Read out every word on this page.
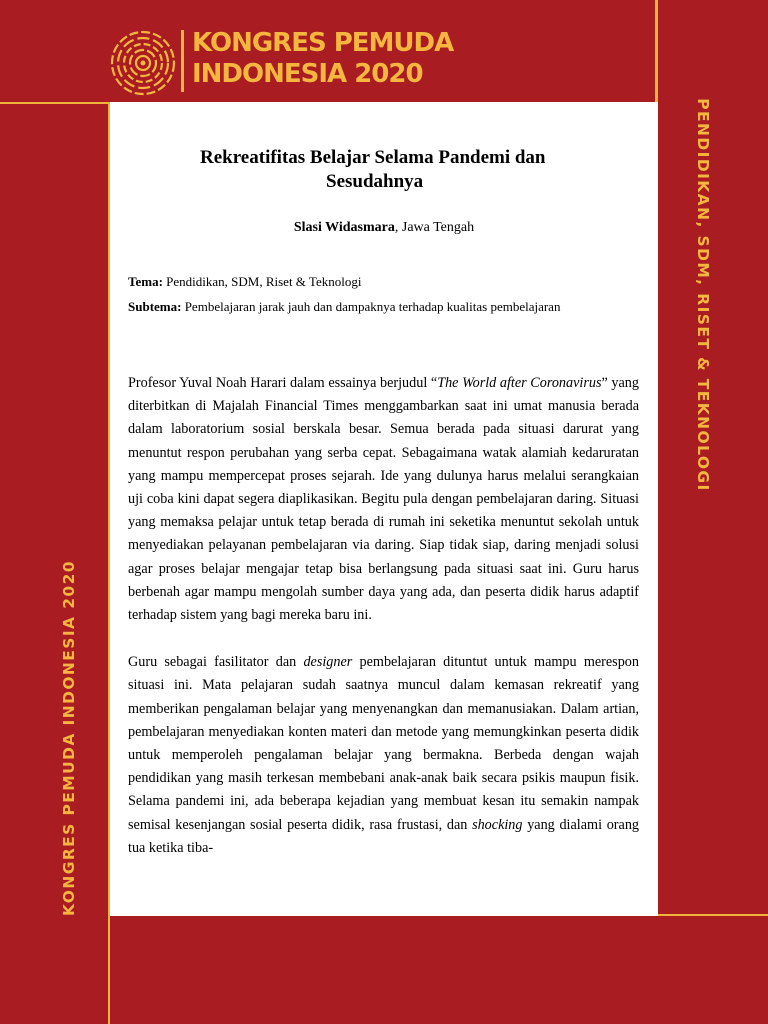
KONGRES PEMUDA
INDONESIA 2020
PENDIDIKAN, SDM, RISET & TEKNOLOGI
KONGRES PEMUDA INDONESIA 2020
Rekreatifitas Belajar Selama Pandemi dan
Sesudahnya
Slasi Widasmara, Jawa Tengah
Tema: Pendidikan, SDM, Riset & Teknologi
Subtema: Pembelajaran jarak jauh dan dampaknya terhadap kualitas pembelajaran

Profesor Yuval Noah Harari dalam essainya berjudul “The World after Coronavirus” yang diterbitkan di Majalah Financial Times menggambarkan saat ini umat manusia berada dalam laboratorium sosial berskala besar. Semua berada pada situasi darurat yang menuntut respon perubahan yang serba cepat. Sebagaimana watak alamiah kedaruratan yang mampu mempercepat proses sejarah. Ide yang dulunya harus melalui serangkaian uji coba kini dapat segera diaplikasikan. Begitu pula dengan pembelajaran daring. Situasi yang memaksa pelajar untuk tetap berada di rumah ini seketika menuntut sekolah untuk menyediakan pelayanan pembelajaran via daring. Siap tidak siap, daring menjadi solusi agar proses belajar mengajar tetap bisa berlangsung pada situasi saat ini. Guru harus berbenah agar mampu mengolah sumber daya yang ada, dan peserta didik harus adaptif terhadap sistem yang bagi mereka baru ini.

Guru sebagai fasilitator dan designer pembelajaran dituntut untuk mampu merespon situasi ini. Mata pelajaran sudah saatnya muncul dalam kemasan rekreatif yang memberikan pengalaman belajar yang menyenangkan dan memanusiakan. Dalam artian, pembelajaran menyediakan konten materi dan metode yang memungkinkan peserta didik untuk memperoleh pengalaman belajar yang bermakna. Berbeda dengan wajah pendidikan yang masih terkesan membebani anak-anak baik secara psikis maupun fisik. Selama pandemi ini, ada beberapa kejadian yang membuat kesan itu semakin nampak semisal kesenjangan sosial peserta didik, rasa frustasi, dan shocking yang dialami orang tua ketika tiba-
